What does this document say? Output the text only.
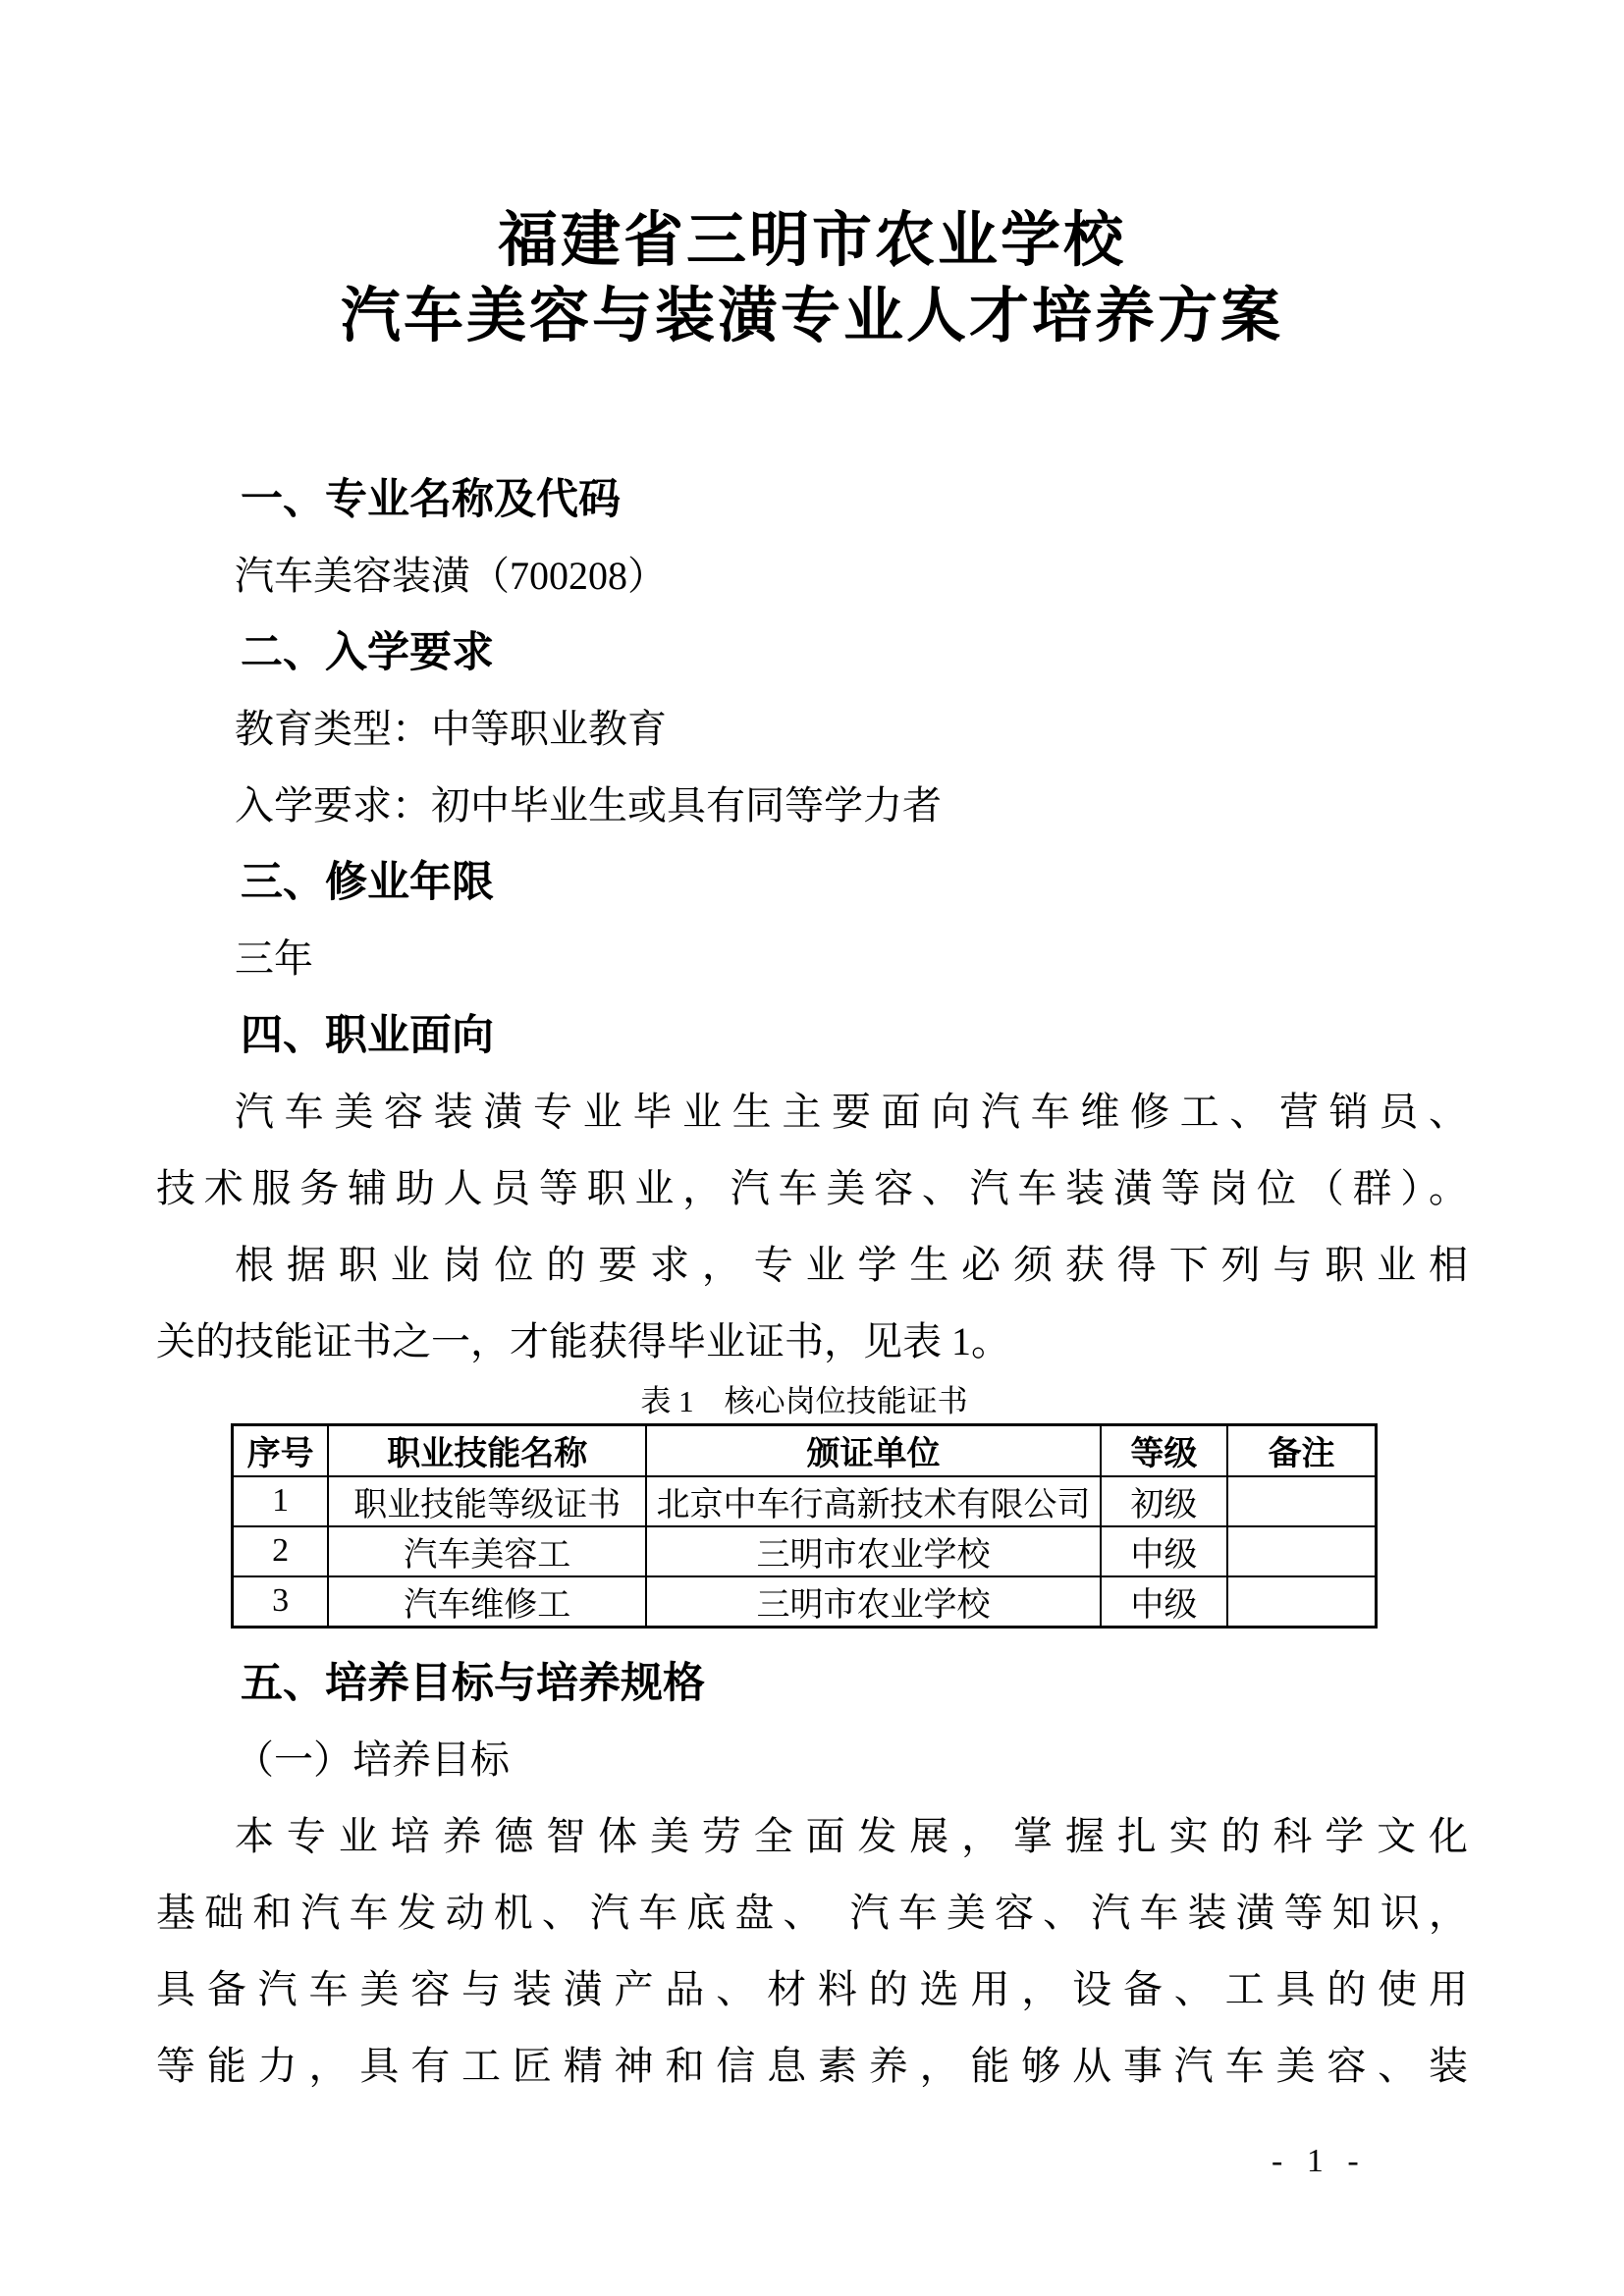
福建省三明市农业学校
汽车美容与装潢专业人才培养方案
一、专业名称及代码
汽车美容装潢（700208）
二、入学要求
教育类型：中等职业教育
入学要求：初中毕业生或具有同等学力者
三、修业年限
三年
四、职业面向
汽车美容装潢专业毕业生主要面向汽车维修工、营销员、
技术服务辅助人员等职业，汽车美容、汽车装潢等岗位（群）。
根据职业岗位的要求，专业学生必须获得下列与职业相
关的技能证书之一，才能获得毕业证书，见表 1。
表 1　核心岗位技能证书
序号	职业技能名称	颁证单位	等级	备注
1	职业技能等级证书	北京中车行高新技术有限公司	初级	
2	汽车美容工	三明市农业学校	中级	
3	汽车维修工	三明市农业学校	中级	
五、培养目标与培养规格
（一）培养目标
本专业培养德智体美劳全面发展，掌握扎实的科学文化
基础和汽车发动机、汽车底盘、 汽车美容、汽车装潢等知识，
具备汽车美容与装潢产品、材料的选用，设备、工具的使用
等能力，具有工匠精神和信息素养，能够从事汽车美容、装
- 1 -
